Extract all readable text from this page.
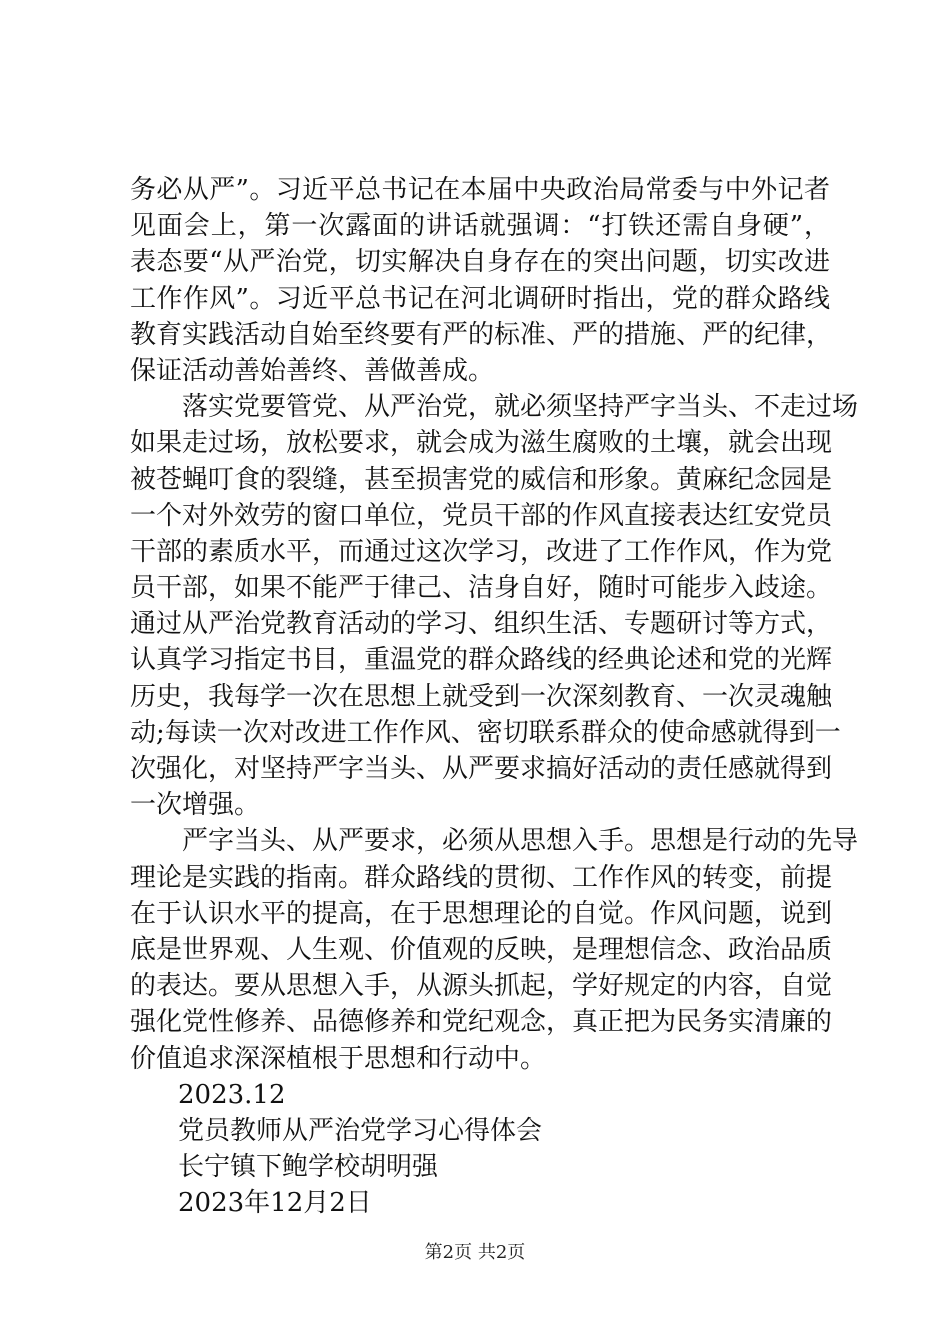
务必从严”。习近平总书记在本届中央政治局常委与中外记者
见面会上，第一次露面的讲话就强调：“打铁还需自身硬”，
表态要“从严治党，切实解决自身存在的突出问题，切实改进
工作作风”。习近平总书记在河北调研时指出，党的群众路线
教育实践活动自始至终要有严的标准、严的措施、严的纪律，
保证活动善始善终、善做善成。
落实党要管党、从严治党，就必须坚持严字当头、不走过场
如果走过场，放松要求，就会成为滋生腐败的土壤，就会出现
被苍蝇叮食的裂缝，甚至损害党的威信和形象。黄麻纪念园是
一个对外效劳的窗口单位，党员干部的作风直接表达红安党员
干部的素质水平，而通过这次学习，改进了工作作风，作为党
员干部，如果不能严于律己、洁身自好，随时可能步入歧途。
通过从严治党教育活动的学习、组织生活、专题研讨等方式，
认真学习指定书目，重温党的群众路线的经典论述和党的光辉
历史，我每学一次在思想上就受到一次深刻教育、一次灵魂触
动;每读一次对改进工作作风、密切联系群众的使命感就得到一
次强化，对坚持严字当头、从严要求搞好活动的责任感就得到
一次增强。
严字当头、从严要求，必须从思想入手。思想是行动的先导
理论是实践的指南。群众路线的贯彻、工作作风的转变，前提
在于认识水平的提高，在于思想理论的自觉。作风问题，说到
底是世界观、人生观、价值观的反映，是理想信念、政治品质
的表达。要从思想入手，从源头抓起，学好规定的内容，自觉
强化党性修养、品德修养和党纪观念，真正把为民务实清廉的
价值追求深深植根于思想和行动中。
2023.12
党员教师从严治党学习心得体会
长宁镇下鲍学校胡明强
2023年12月2日
第2页 共2页
